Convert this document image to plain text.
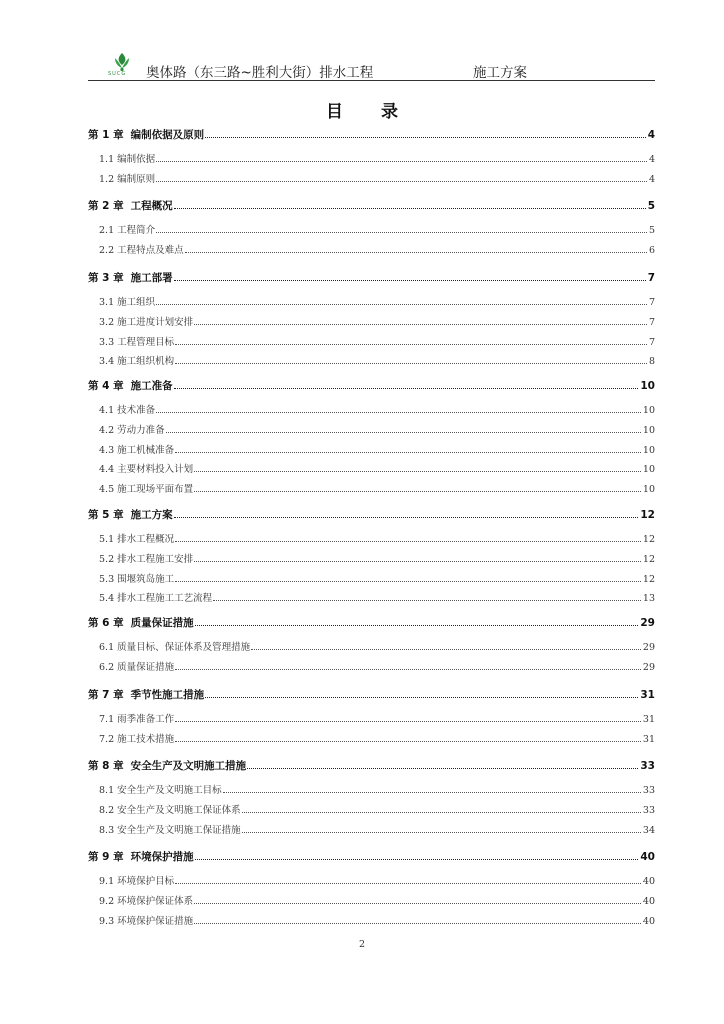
SUCG 奥体路（东三路~胜利大街）排水工程	施工方案
目 录
第 1 章 编制依据及原则	4
1.1 编制依据	4
1.2 编制原则	4
第 2 章 工程概况	5
2.1 工程简介	5
2.2 工程特点及难点	6
第 3 章 施工部署	7
3.1 施工组织	7
3.2 施工进度计划安排	7
3.3 工程管理目标	7
3.4 施工组织机构	8
第 4 章 施工准备	10
4.1 技术准备	10
4.2 劳动力准备	10
4.3 施工机械准备	10
4.4 主要材料投入计划	10
4.5 施工现场平面布置	10
第 5 章 施工方案	12
5.1 排水工程概况	12
5.2 排水工程施工安排	12
5.3 围堰筑岛施工	12
5.4 排水工程施工工艺流程	13
第 6 章 质量保证措施	29
6.1 质量目标、保证体系及管理措施	29
6.2 质量保证措施	29
第 7 章 季节性施工措施	31
7.1 雨季准备工作	31
7.2 施工技术措施	31
第 8 章 安全生产及文明施工措施	33
8.1 安全生产及文明施工目标	33
8.2 安全生产及文明施工保证体系	33
8.3 安全生产及文明施工保证措施	34
第 9 章 环境保护措施	40
9.1 环境保护目标	40
9.2 环境保护保证体系	40
9.3 环境保护保证措施	40
2
